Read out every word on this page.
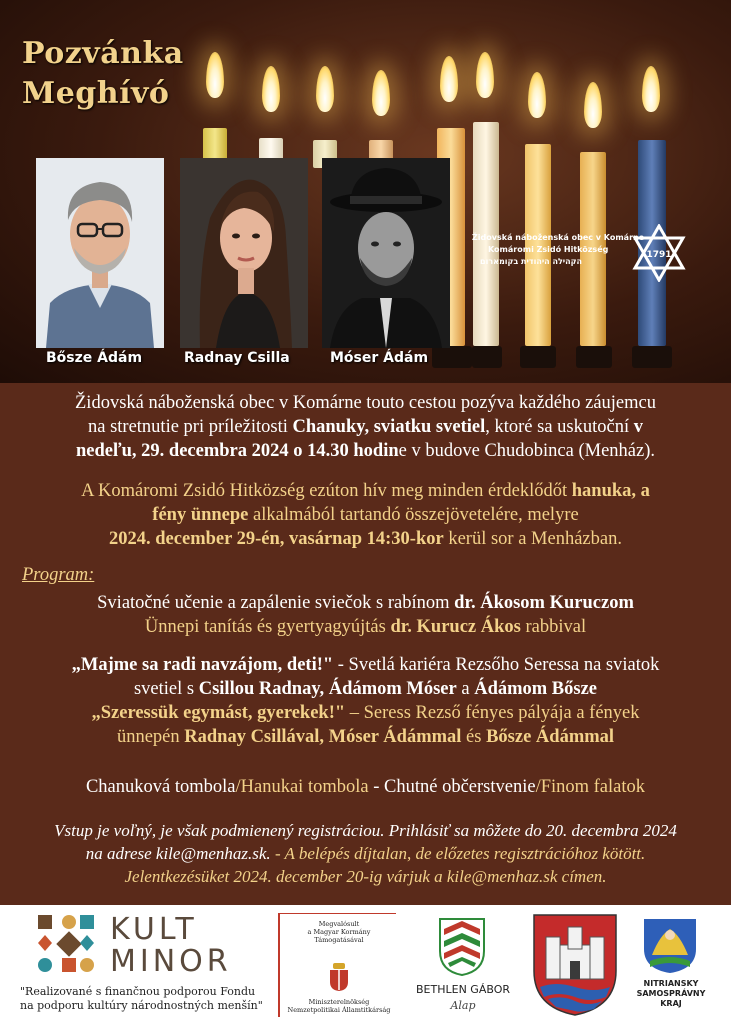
Pozvánka
Meghívó
Bősze Ádám	Radnay Csilla	Móser Ádám
Židovská náboženská obec v Komárne
Komáromi Zsidó Hitközség
הקהילה היהודית בקומארום
1791
Židovská náboženská obec v Komárne touto cestou pozýva každého záujemcu
na stretnutie pri príležitosti Chanuky, sviatku svetiel, ktoré sa uskutoční v
nedeľu, 29. decembra 2024 o 14.30 hodine v budove Chudobinca (Menház).
A Komáromi Zsidó Hitközség ezúton hív meg minden érdeklődőt hanuka, a
fény ünnepe alkalmából tartandó összejövetelére, melyre
2024. december 29-én, vasárnap 14:30-kor kerül sor a Menházban.
Program:
Sviatočné učenie a zapálenie sviečok s rabínom dr. Ákosom Kuruczom
Ünnepi tanítás és gyertyagyújtás dr. Kurucz Ákos rabbival
„Majme sa radi navzájom, deti!" - Svetlá kariéra Rezsőho Seressa na sviatok
svetiel s Csillou Radnay, Ádámom Móser a Ádámom Bősze
„Szeressük egymást, gyerekek!" – Seress Rezső fényes pályája a fények
ünnepén Radnay Csillával, Móser Ádámmal és Bősze Ádámmal
Chanuková tombola/Hanukai tombola - Chutné občerstvenie/Finom falatok
Vstup je voľný, je však podmienený registráciou. Prihlásiť sa môžete do 20. decembra 2024
na adrese kile@menhaz.sk. - A belépés díjtalan, de előzetes regisztrációhoz kötött.
Jelentkezésüket 2024. december 20-ig várjuk a kile@menhaz.sk címen.
KULT
MINOR
"Realizované s finančnou podporou Fondu
na podporu kultúry národnostných menšín"
Megvalósult
a Magyar Kormány
Támogatásával
Miniszterelnökség
Nemzetpolitikai Államtitkárság
BETHLEN GÁBOR
Alap
NITRIANSKY
SAMOSPRÁVNY
KRAJ
